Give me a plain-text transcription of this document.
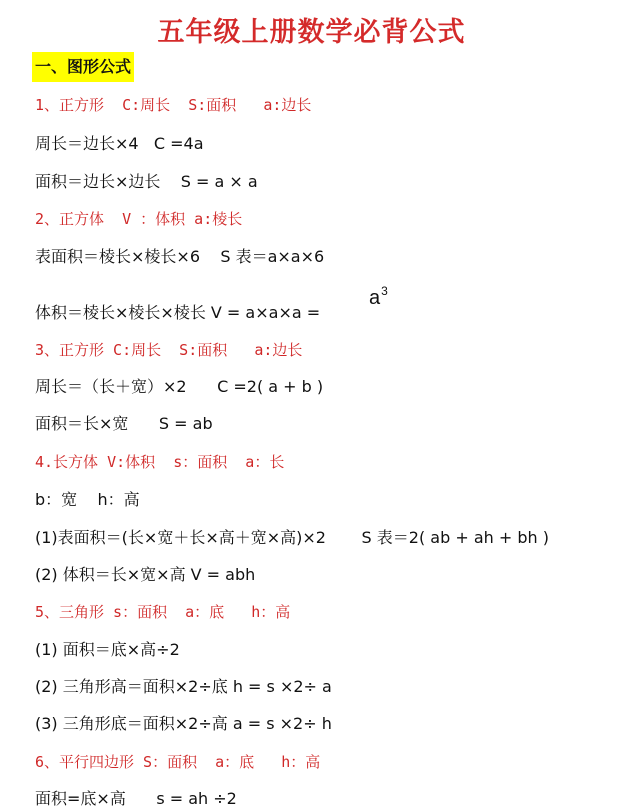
五年级上册数学必背公式
一、图形公式
1、正方形  C:周长  S:面积   a:边长
周长＝边长×4   C =4a
面积＝边长×边长    S = a × a
2、正方体  V ：体积 a:棱长
表面积＝棱长×棱长×6    S 表＝a×a×6
体积＝棱长×棱长×棱长 V = a×a×a =
$a^3$
3、正方形 C:周长  S:面积   a:边长
周长＝（长＋宽）×2      C =2( a + b )
面积＝长×宽      S = ab
4.长方体 V:体积  s：面积  a：长
b：宽    h：高
(1)表面积＝(长×宽＋长×高＋宽×高)×2       S 表＝2( ab + ah + bh )
(2) 体积＝长×宽×高 V = abh
5、三角形 s：面积  a：底   h：高
(1) 面积＝底×高÷2
(2) 三角形高＝面积×2÷底 h = s ×2÷ a
(3) 三角形底＝面积×2÷高 a = s ×2÷ h
6、平行四边形 S：面积  a：底   h：高
面积=底×高      s = ah ÷2
